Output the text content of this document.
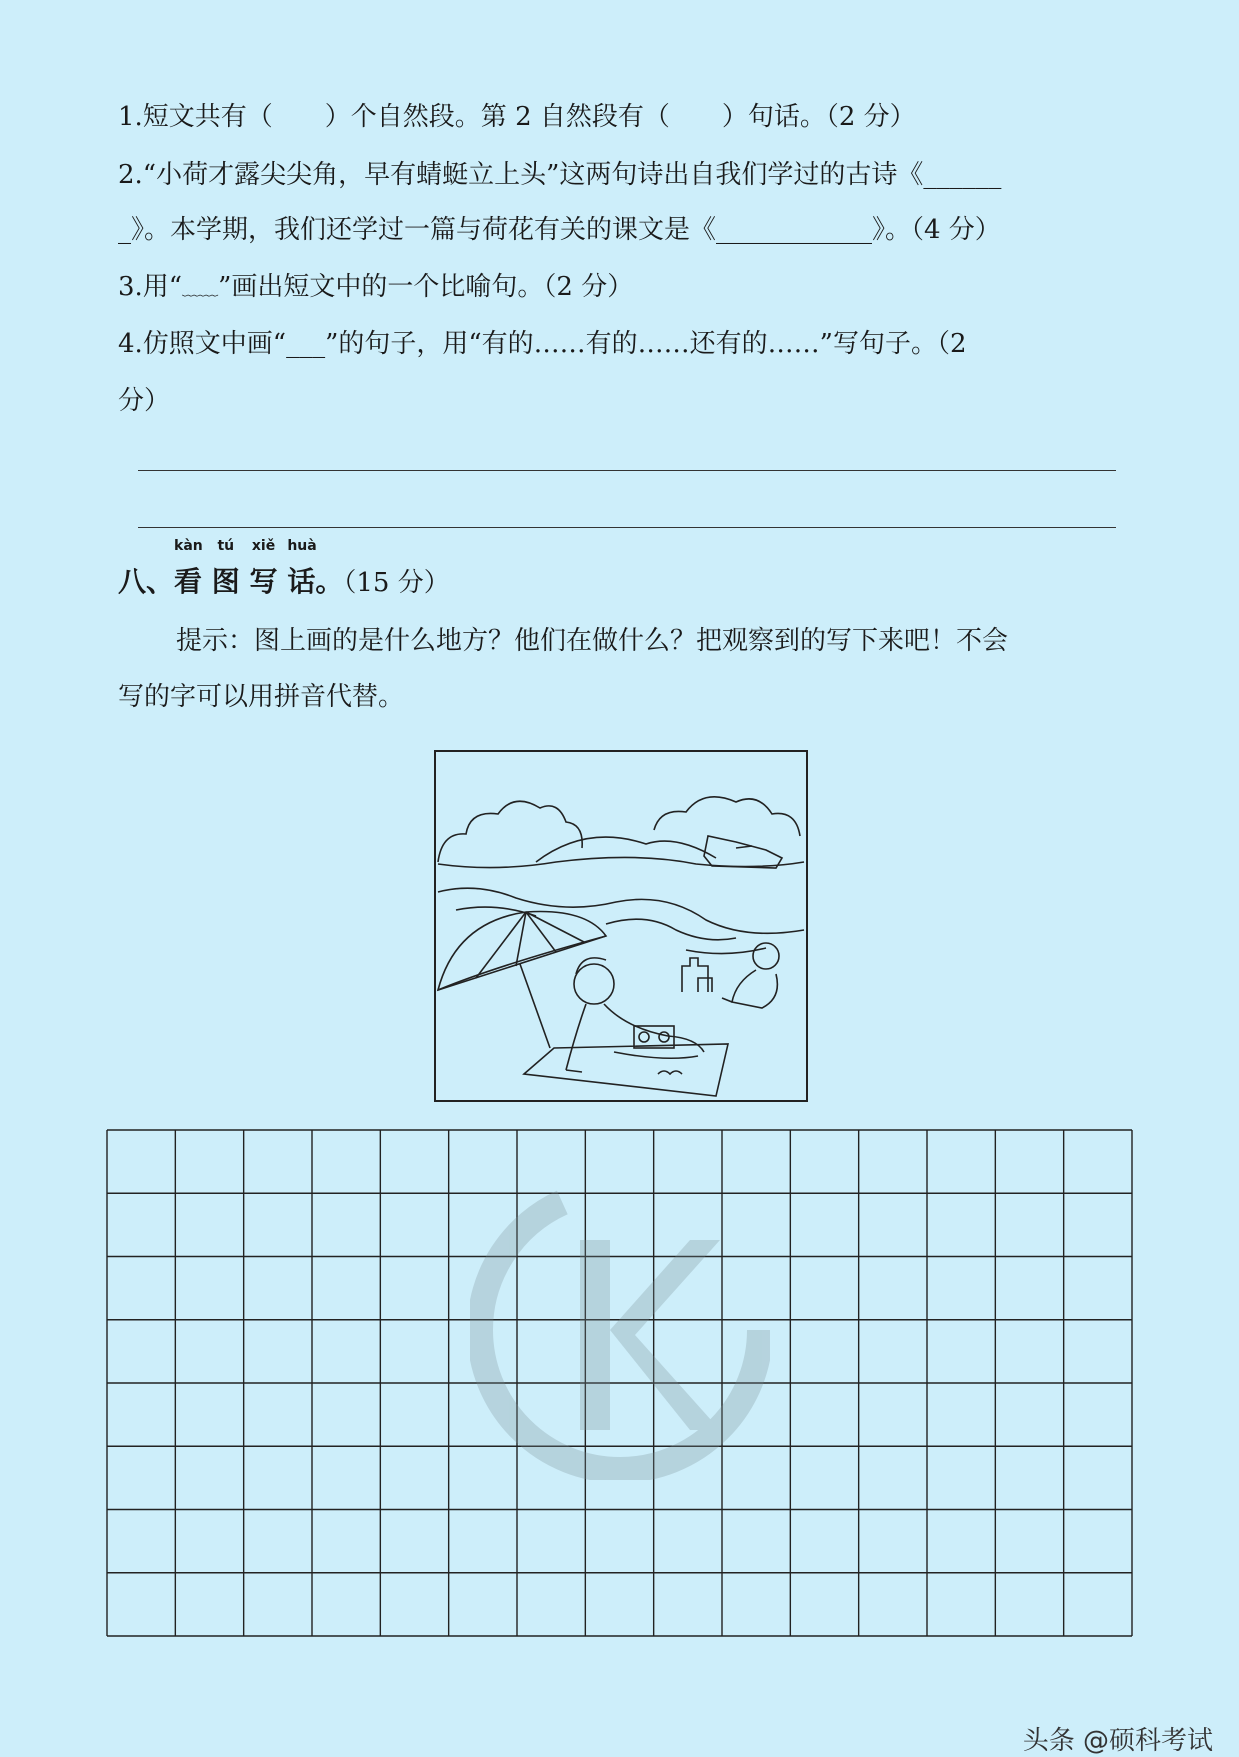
1.短文共有（　　）个自然段。第 2 自然段有（　　）句话。（2 分）
2.“小荷才露尖尖角，早有蜻蜓立上头”这两句诗出自我们学过的古诗《______
_》。本学期，我们还学过一篇与荷花有关的课文是《____________》。（4 分）
3.用“﹏﹏”画出短文中的一个比喻句。（2 分）
4.仿照文中画“___”的句子，用“有的……有的……还有的……”写句子。（2
分）
八、
kàn
看
tú
图
xiě
写
huà
话。（15 分）
提示：图上画的是什么地方？他们在做什么？把观察到的写下来吧！不会
写的字可以用拼音代替。
头条 @硕科考试
